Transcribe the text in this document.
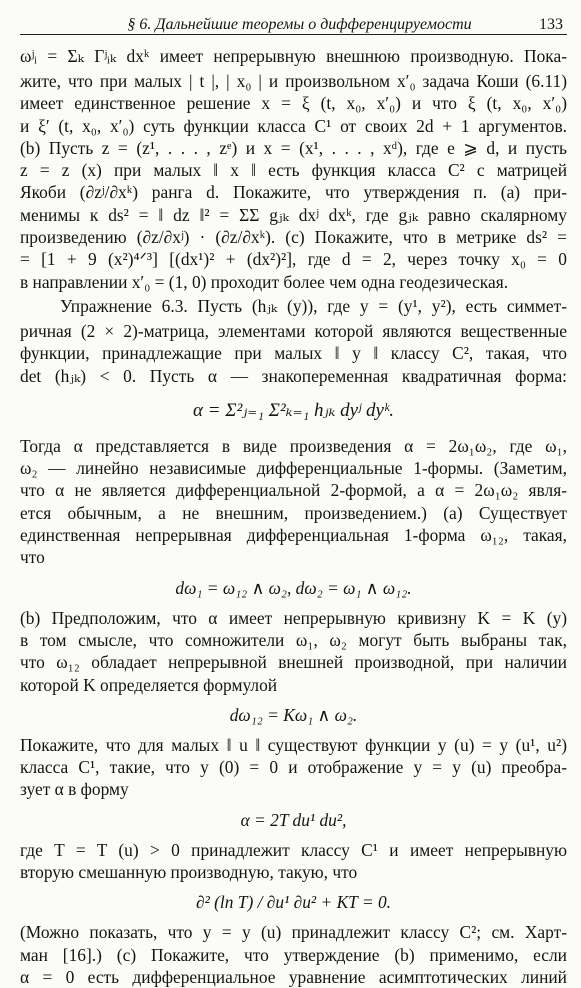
§ 6. Дальнейшие теоремы о дифференцируемости	133
ωʲᵢ = Σₖ Γʲᵢₖ dxᵏ имеет непрерывную внешнюю производную. Пока-
жите, что при малых | t |, | x₀ | и произвольном x′₀ задача Коши (6.11)
имеет единственное решение x = ξ (t, x₀, x′₀) и что ξ (t, x₀, x′₀)
и ξ′ (t, x₀, x′₀) суть функции класса C¹ от своих 2d + 1 аргументов.
(b) Пусть z = (z¹, . . . , zᵉ) и x = (x¹, . . . , xᵈ), где e ⩾ d, и пусть
z = z (x) при малых ‖ x ‖ есть функция класса C² с матрицей
Якоби (∂zʲ/∂xᵏ) ранга d. Покажите, что утверждения п. (a) при-
менимы к ds² = ‖ dz ‖² = ΣΣ gⱼₖ dxʲ dxᵏ, где gⱼₖ равно скалярному
произведению (∂z/∂xʲ) · (∂z/∂xᵏ). (c) Покажите, что в метрике ds² =
= [1 + 9 (x²)⁴ᐟ³] [(dx¹)² + (dx²)²], где d = 2, через точку x₀ = 0
в направлении x′₀ = (1, 0) проходит более чем одна геодезическая.
Упражнение 6.3. Пусть (hⱼₖ (y)), где y = (y¹, y²), есть симмет-
ричная (2 × 2)-матрица, элементами которой являются вещественные
функции, принадлежащие при малых ‖ y ‖ классу C², такая, что
det (hⱼₖ) < 0. Пусть α — знакопеременная квадратичная форма:
α = Σ²ⱼ₌₁ Σ²ₖ₌₁ hⱼₖ dyʲ dyᵏ.
Тогда α представляется в виде произведения α = 2ω₁ω₂, где ω₁,
ω₂ — линейно независимые дифференциальные 1-формы. (Заметим,
что α не является дифференциальной 2-формой, а α = 2ω₁ω₂ явля-
ется обычным, а не внешним, произведением.) (a) Существует
единственная непрерывная дифференциальная 1-форма ω₁₂, такая,
что
dω₁ = ω₁₂ ∧ ω₂, dω₂ = ω₁ ∧ ω₁₂.
(b) Предположим, что α имеет непрерывную кривизну K = K (y)
в том смысле, что сомножители ω₁, ω₂ могут быть выбраны так,
что ω₁₂ обладает непрерывной внешней производной, при наличии
которой K определяется формулой
dω₁₂ = Kω₁ ∧ ω₂.
Покажите, что для малых ‖ u ‖ существуют функции y (u) = y (u¹, u²)
класса C¹, такие, что y (0) = 0 и отображение y = y (u) преобра-
зует α в форму
α = 2T du¹ du²,
где T = T (u) > 0 принадлежит классу C¹ и имеет непрерывную
вторую смешанную производную, такую, что
∂² (ln T) / ∂u¹ ∂u² + KT = 0.
(Можно показать, что y = y (u) принадлежит классу C²; см. Харт-
ман [16].) (c) Покажите, что утверждение (b) применимо, если
α = 0 есть дифференциальное уравнение асимптотических линий
